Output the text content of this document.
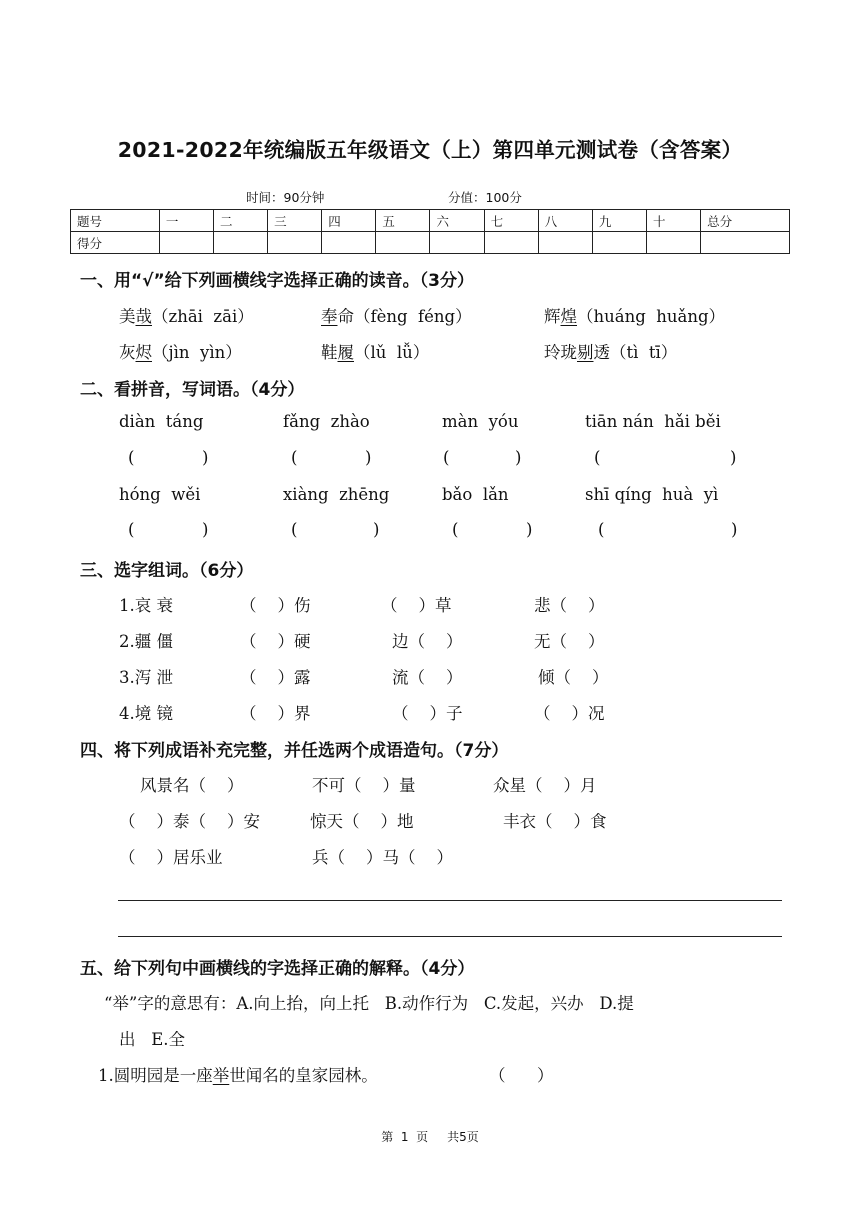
2021-2022年统编版五年级语文（上）第四单元测试卷（含答案）
时间：90分钟	分值：100分
题号	一	二	三	四	五	六	七	八	九	十	总分
得分											
一、用“√”给下列画横线字选择正确的读音。（3分）
美哉（zhāi  zāi）	奉命（fèng  féng）	辉煌（huáng  huǎng）
灰烬（jìn  yìn）	鞋履（lǔ  lǚ）	玲珑剔透（tì  tī）
二、看拼音，写词语。（4分）
diàn  táng	fǎng  zhào	màn  yóu	tiān nán  hǎi běi
(	)	(	)	(	)	(	)
hóng  wěi	xiàng  zhēng	bǎo  lǎn	shī qíng  huà  yì
(	)	(	)	(	)	(	)
三、选字组词。（6分）
1.哀 衰	（    ）伤	（    ）草	悲（    ）
2.疆 僵	（    ）硬	边（    ）	无（    ）
3.泻 泄	（    ）露	流（    ）	倾（    ）
4.境 镜	（    ）界	（    ）子	（    ）况
四、将下列成语补充完整，并任选两个成语造句。（7分）
风景名（    ）	不可（    ）量	众星（    ）月
（    ）泰（    ）安	惊天（    ）地	丰衣（    ）食
（    ）居乐业	兵（    ）马（    ）
五、给下列句中画横线的字选择正确的解释。（4分）
“举”字的意思有：A.向上抬，向上托   B.动作行为   C.发起，兴办   D.提
出   E.全
1.圆明园是一座举世闻名的皇家园林。	（      ）
第  1  页     共5页
